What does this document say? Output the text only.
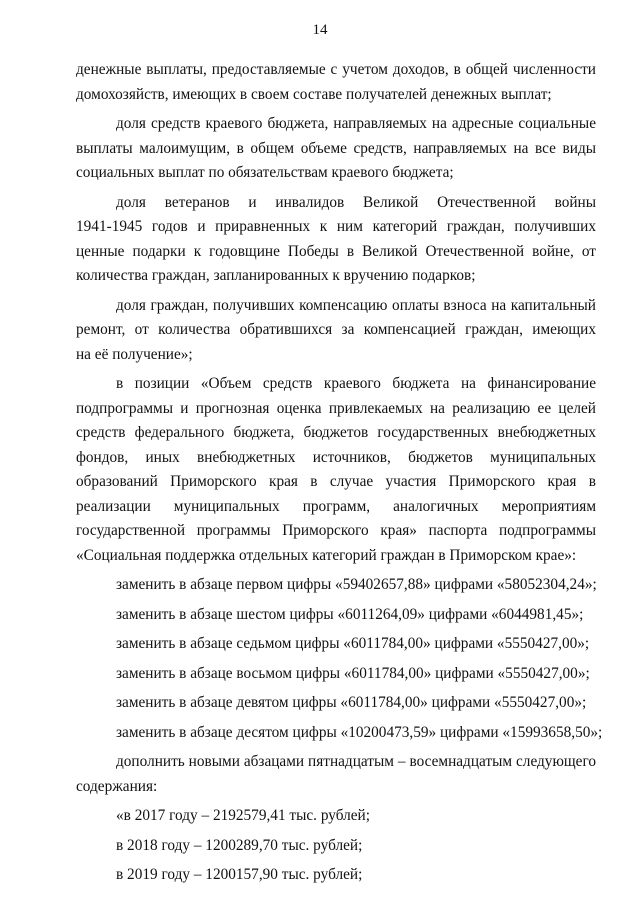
14
денежные выплаты, предоставляемые с учетом доходов, в общей численности
домохозяйств, имеющих в своем составе получателей денежных выплат;
доля средств краевого бюджета, направляемых на адресные социальные
выплаты малоимущим, в общем объеме средств, направляемых на все виды
социальных выплат по обязательствам краевого бюджета;
доля ветеранов и инвалидов Великой Отечественной войны
1941-1945 годов и приравненных к ним категорий граждан, получивших
ценные подарки к годовщине Победы в Великой Отечественной войне, от
количества граждан, запланированных к вручению подарков;
доля граждан, получивших компенсацию оплаты взноса на капитальный
ремонт, от количества обратившихся за компенсацией граждан, имеющих
на её получение»;
в позиции «Объем средств краевого бюджета на финансирование
подпрограммы и прогнозная оценка привлекаемых на реализацию ее целей
средств федерального бюджета, бюджетов государственных внебюджетных
фондов, иных внебюджетных источников, бюджетов муниципальных
образований Приморского края в случае участия Приморского края в
реализации муниципальных программ, аналогичных мероприятиям
государственной программы Приморского края» паспорта подпрограммы
«Социальная поддержка отдельных категорий граждан в Приморском крае»:
заменить в абзаце первом цифры «59402657,88» цифрами «58052304,24»;
заменить в абзаце шестом цифры «6011264,09» цифрами «6044981,45»;
заменить в абзаце седьмом цифры «6011784,00» цифрами «5550427,00»;
заменить в абзаце восьмом цифры «6011784,00» цифрами «5550427,00»;
заменить в абзаце девятом цифры «6011784,00» цифрами «5550427,00»;
заменить в абзаце десятом цифры «10200473,59» цифрами «15993658,50»;
дополнить новыми абзацами пятнадцатым – восемнадцатым следующего
содержания:
«в 2017 году – 2192579,41 тыс. рублей;
в 2018 году – 1200289,70 тыс. рублей;
в 2019 году – 1200157,90 тыс. рублей;
